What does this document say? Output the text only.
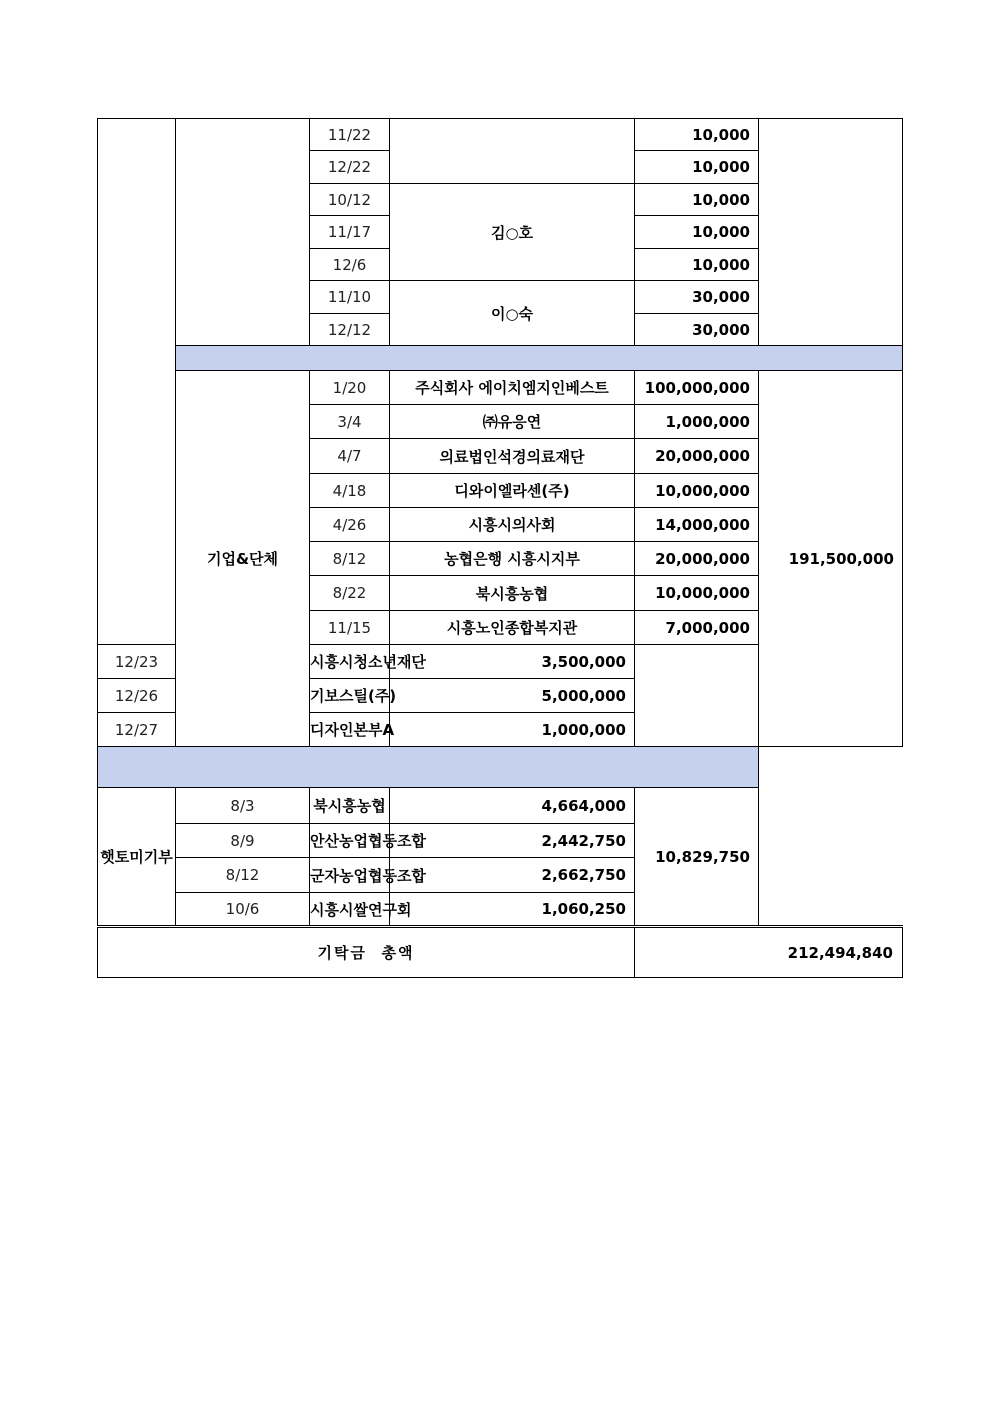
		11/22		10,000	
		12/22		10,000	
		10/12	김○호	10,000	
		11/17		10,000	
		12/6		10,000	
		11/10	이○숙	30,000	
		12/12		30,000	

	기업&단체	1/20	주식회사 에이치엠지인베스트	100,000,000	191,500,000
		3/4	㈜유응연	1,000,000	
		4/7	의료법인석경의료재단	20,000,000	
		4/18	디와이엘라센(주)	10,000,000	
		4/26	시흥시의사회	14,000,000	
		8/12	농협은행 시흥시지부	20,000,000	
		8/22	북시흥농협	10,000,000	
		11/15	시흥노인종합복지관	7,000,000	
12/23		시흥시청소년재단	3,500,000		
12/26		기보스틸(주)	5,000,000		
12/27		디자인본부A	1,000,000		

햇토미기부	8/3	북시흥농협	4,664,000	10,829,750	
	8/9	안산농업협동조합	2,442,750		
	8/12	군자농업협동조합	2,662,750		
	10/6	시흥시쌀연구회	1,060,250		
기탁금  총액				212,494,840	
